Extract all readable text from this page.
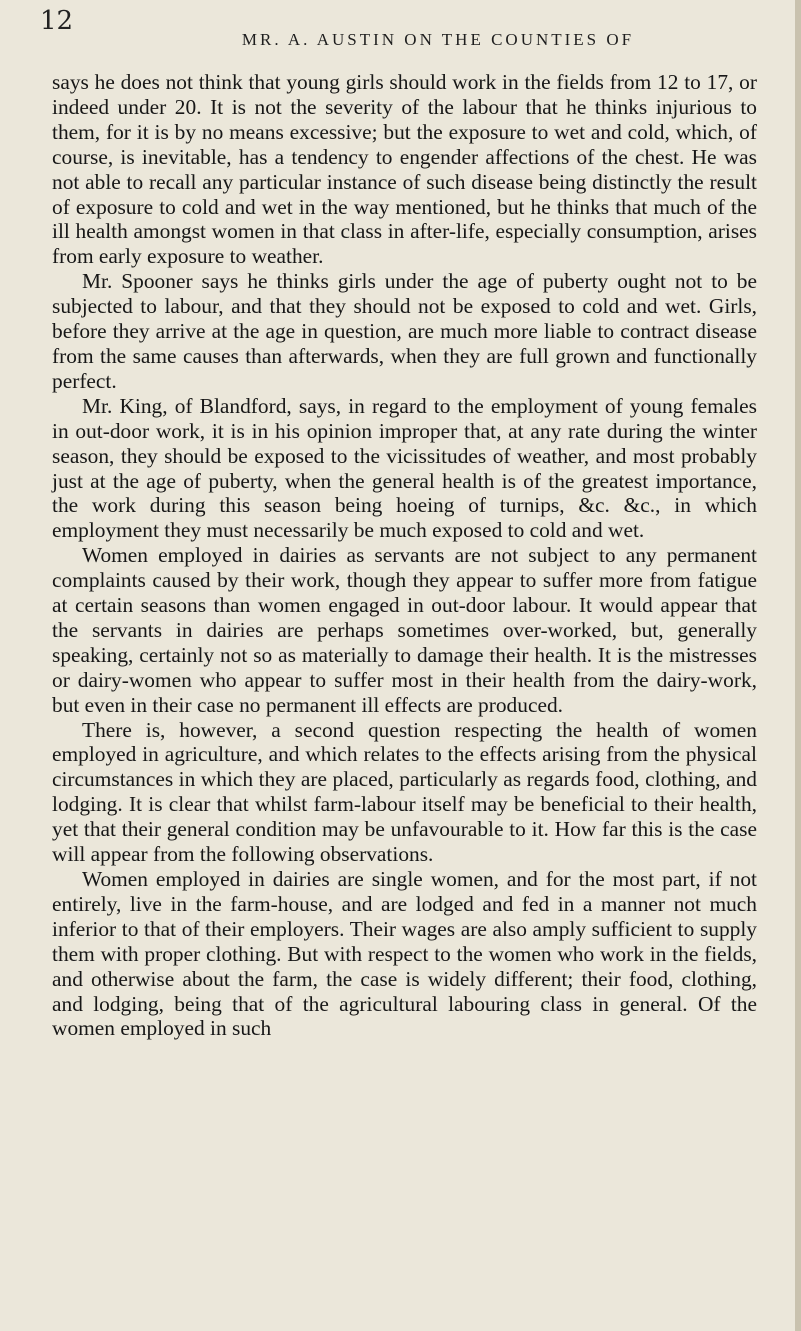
12
MR. A. AUSTIN ON THE COUNTIES OF

says he does not think that young girls should work in the fields from 12 to 17, or indeed under 20. It is not the severity of the labour that he thinks injurious to them, for it is by no means excessive; but the exposure to wet and cold, which, of course, is inevitable, has a tendency to engender affections of the chest. He was not able to recall any particular instance of such disease being distinctly the result of exposure to cold and wet in the way mentioned, but he thinks that much of the ill health amongst women in that class in after-life, especially consumption, arises from early exposure to weather.

Mr. Spooner says he thinks girls under the age of puberty ought not to be subjected to labour, and that they should not be exposed to cold and wet. Girls, before they arrive at the age in question, are much more liable to contract disease from the same causes than afterwards, when they are full grown and functionally perfect.

Mr. King, of Blandford, says, in regard to the employment of young females in out-door work, it is in his opinion improper that, at any rate during the winter season, they should be exposed to the vicissitudes of weather, and most probably just at the age of puberty, when the general health is of the greatest importance, the work during this season being hoeing of turnips, &c. &c., in which employment they must necessarily be much exposed to cold and wet.

Women employed in dairies as servants are not subject to any permanent complaints caused by their work, though they appear to suffer more from fatigue at certain seasons than women engaged in out-door labour. It would appear that the servants in dairies are perhaps sometimes over-worked, but, generally speaking, certainly not so as materially to damage their health. It is the mistresses or dairy-women who appear to suffer most in their health from the dairy-work, but even in their case no permanent ill effects are produced.

There is, however, a second question respecting the health of women employed in agriculture, and which relates to the effects arising from the physical circumstances in which they are placed, particularly as regards food, clothing, and lodging. It is clear that whilst farm-labour itself may be beneficial to their health, yet that their general condition may be unfavourable to it. How far this is the case will appear from the following observations.

Women employed in dairies are single women, and for the most part, if not entirely, live in the farm-house, and are lodged and fed in a manner not much inferior to that of their employers. Their wages are also amply sufficient to supply them with proper clothing. But with respect to the women who work in the fields, and otherwise about the farm, the case is widely different; their food, clothing, and lodging, being that of the agricultural labouring class in general. Of the women employed in such
